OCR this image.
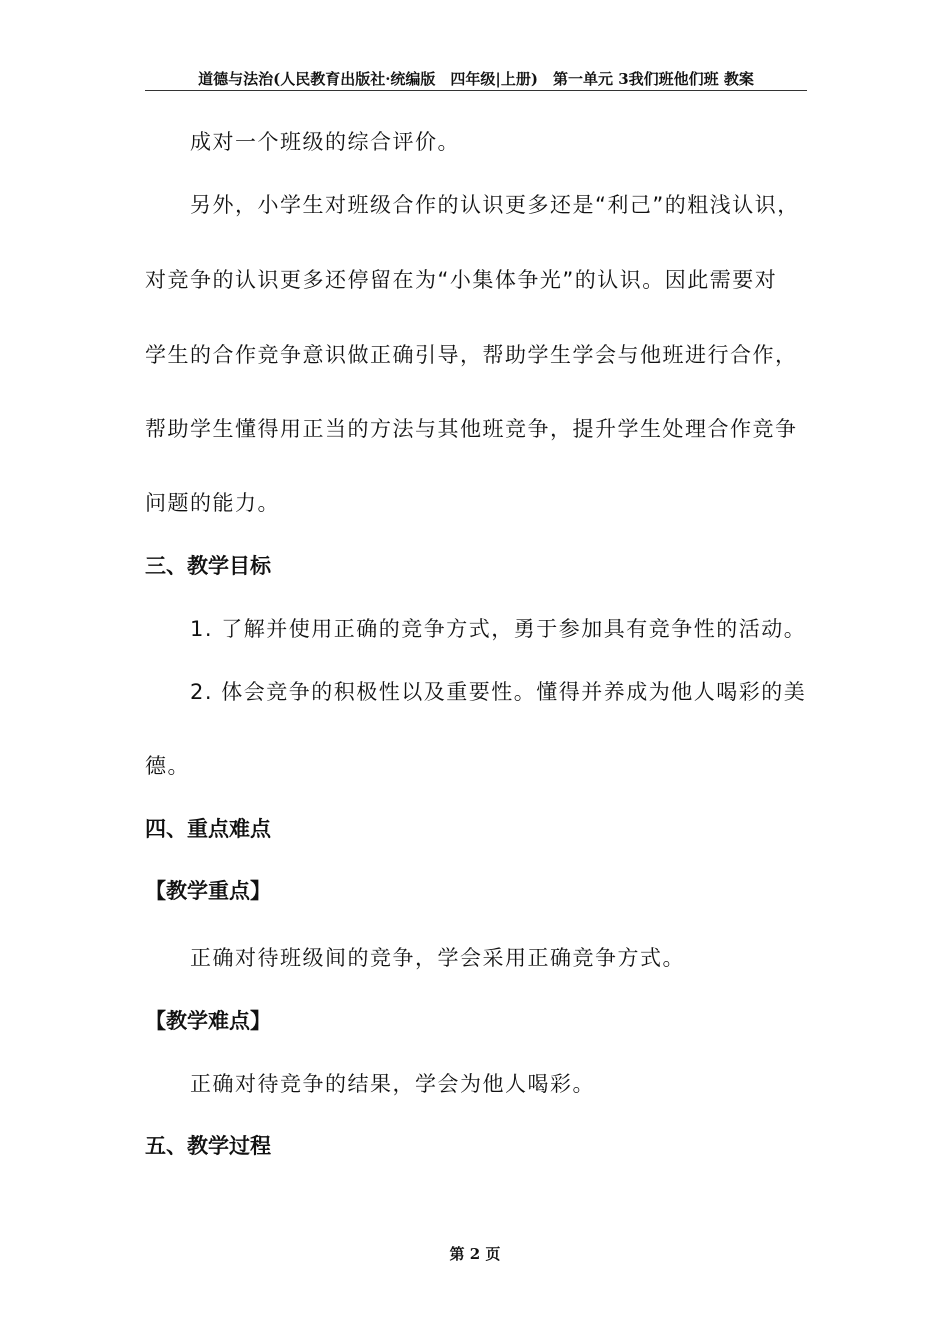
道德与法治(人民教育出版社·统编版　四年级|上册)　第一单元 3我们班他们班 教案
成对一个班级的综合评价。
另外，小学生对班级合作的认识更多还是“利己”的粗浅认识，
对竞争的认识更多还停留在为“小集体争光”的认识。因此需要对
学生的合作竞争意识做正确引导，帮助学生学会与他班进行合作，
帮助学生懂得用正当的方法与其他班竞争，提升学生处理合作竞争
问题的能力。
三、教学目标
1. 了解并使用正确的竞争方式，勇于参加具有竞争性的活动。
2. 体会竞争的积极性以及重要性。懂得并养成为他人喝彩的美
德。
四、重点难点
【教学重点】
正确对待班级间的竞争，学会采用正确竞争方式。
【教学难点】
正确对待竞争的结果，学会为他人喝彩。
五、教学过程
第 2 页
